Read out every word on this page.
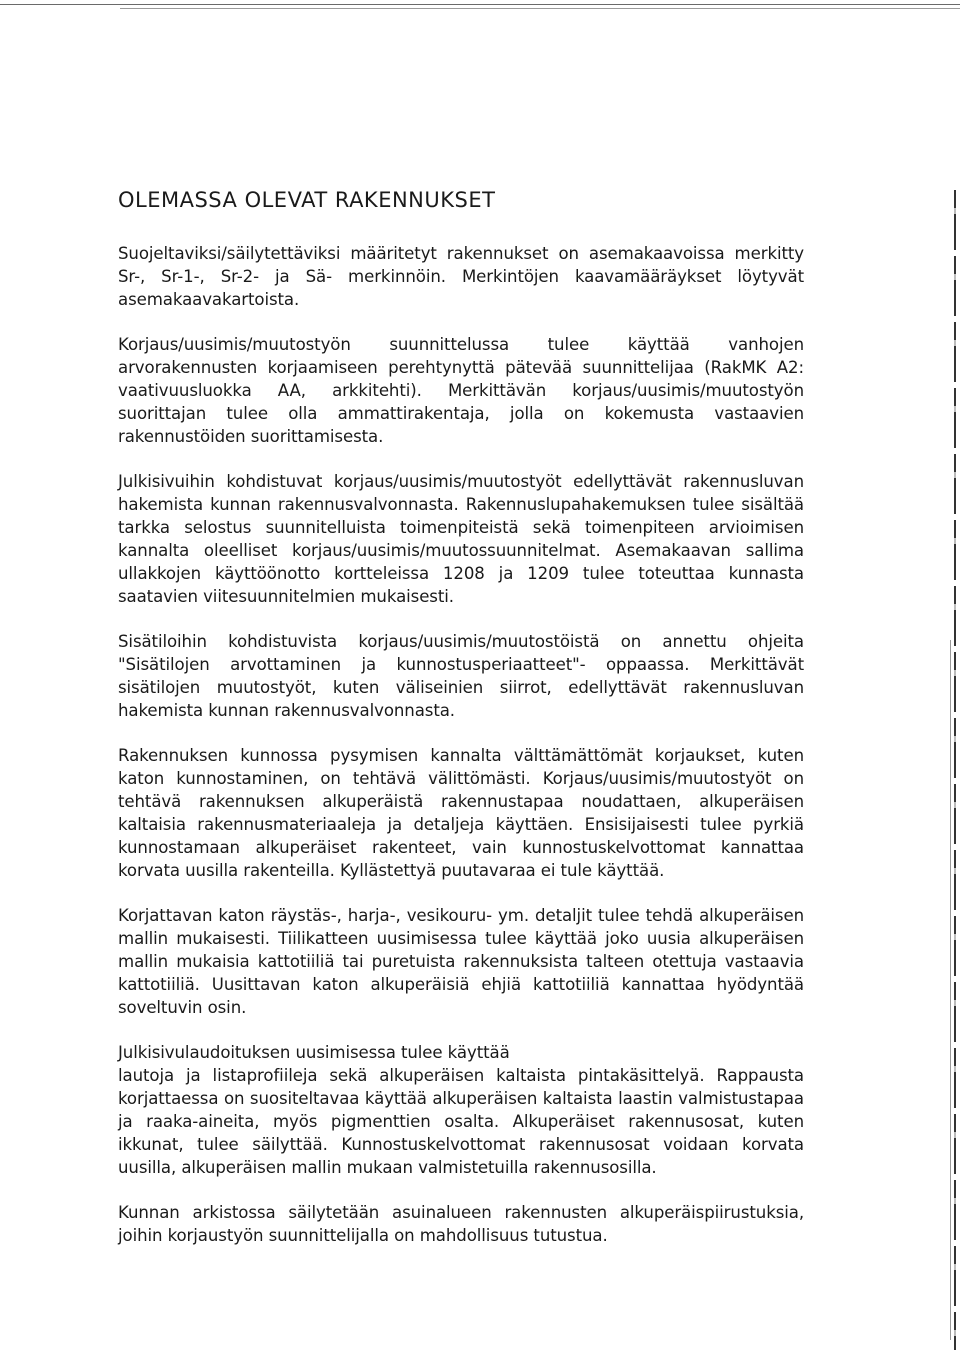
OLEMASSA OLEVAT RAKENNUKSET

Suojeltaviksi/säilytettäviksi määritetyt rakennukset on asemakaavoissa merkitty Sr-, Sr-1-, Sr-2- ja Sä- merkinnöin. Merkintöjen kaavamääräykset löytyvät asemakaavakartoista.

Korjaus/uusimis/muutostyön suunnittelussa tulee käyttää vanhojen arvorakennusten korjaamiseen perehtynyttä pätevää suunnittelijaa (RakMK A2: vaativuusluokka AA, arkkitehti). Merkittävän korjaus/uusimis/muutostyön suorittajan tulee olla ammattirakentaja, jolla on kokemusta vastaavien rakennustöiden suorittamisesta.

Julkisivuihin kohdistuvat korjaus/uusimis/muutostyöt edellyttävät rakennusluvan hakemista kunnan rakennusvalvonnasta. Rakennuslupahakemuksen tulee sisältää tarkka selostus suunnitelluista toimenpiteistä sekä toimenpiteen arvioimisen kannalta oleelliset korjaus/uusimis/muutossuunnitelmat. Asemakaavan sallima ullakkojen käyttöönotto kortteleissa 1208 ja 1209 tulee toteuttaa kunnasta saatavien viitesuunnitelmien mukaisesti.

Sisätiloihin kohdistuvista korjaus/uusimis/muutostöistä on annettu ohjeita "Sisätilojen arvottaminen ja kunnostusperiaatteet"- oppaassa. Merkittävät sisätilojen muutostyöt, kuten väliseinien siirrot, edellyttävät rakennusluvan hakemista kunnan rakennusvalvonnasta.

Rakennuksen kunnossa pysymisen kannalta välttämättömät korjaukset, kuten katon kunnostaminen, on tehtävä välittömästi. Korjaus/uusimis/muutostyöt on tehtävä rakennuksen alkuperäistä rakennustapaa noudattaen, alkuperäisen kaltaisia rakennusmateriaaleja ja detaljeja käyttäen. Ensisijaisesti tulee pyrkiä kunnostamaan alkuperäiset rakenteet, vain kunnostuskelvottomat kannattaa korvata uusilla rakenteilla. Kyllästettyä puutavaraa ei tule käyttää.

Korjattavan katon räystäs-, harja-, vesikouru- ym. detaljit tulee tehdä alkuperäisen mallin mukaisesti. Tiilikatteen uusimisessa tulee käyttää joko uusia alkuperäisen mallin mukaisia kattotiiliä tai puretuista rakennuksista talteen otettuja vastaavia kattotiiliä. Uusittavan katon alkuperäisiä ehjiä kattotiiliä kannattaa hyödyntää soveltuvin osin.

Julkisivulaudoituksen uusimisessa tulee käyttää

lautoja ja listaprofiileja sekä alkuperäisen kaltaista pintakäsittelyä. Rappausta korjattaessa on suositeltavaa käyttää alkuperäisen kaltaista laastin valmistustapaa ja raaka-aineita, myös pigmenttien osalta. Alkuperäiset rakennusosat, kuten ikkunat, tulee säilyttää. Kunnostuskelvottomat rakennusosat voidaan korvata uusilla, alkuperäisen mallin mukaan valmistetuilla rakennusosilla.

Kunnan arkistossa säilytetään asuinalueen rakennusten alkuperäispiirustuksia, joihin korjaustyön suunnittelijalla on mahdollisuus tutustua.
